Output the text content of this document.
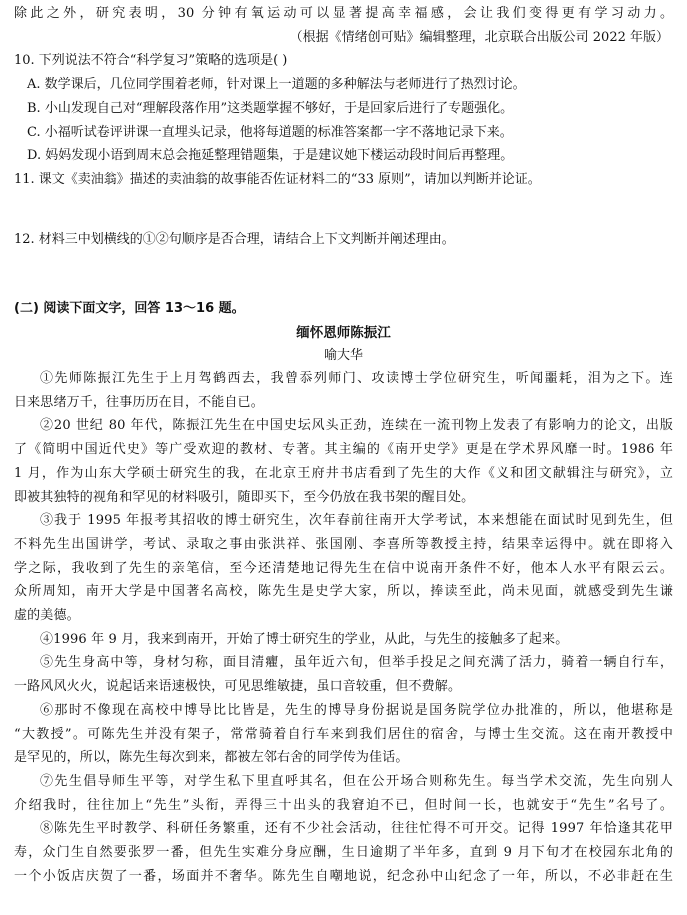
除此之外，研究表明，30 分钟有氧运动可以显著提高幸福感，会让我们变得更有学习动力。
（根据《情绪创可贴》编辑整理，北京联合出版公司 2022 年版）
10. 下列说法不符合“科学复习”策略的选项是( )
A. 数学课后，几位同学围着老师，针对课上一道题的多种解法与老师进行了热烈讨论。
B. 小山发现自己对“理解段落作用”这类题掌握不够好，于是回家后进行了专题强化。
C. 小福听试卷评讲课一直埋头记录，他将每道题的标准答案都一字不落地记录下来。
D. 妈妈发现小语到周末总会拖延整理错题集，于是建议她下楼运动段时间后再整理。
11. 课文《卖油翁》描述的卖油翁的故事能否佐证材料二的“33 原则”，请加以判断并论证。
12. 材料三中划横线的①②句顺序是否合理，请结合上下文判断并阐述理由。
(二) 阅读下面文字，回答 13～16 题。
缅怀恩师陈振江
喻大华
①先师陈振江先生于上月驾鹤西去，我曾忝列师门、攻读博士学位研究生，听闻噩耗，泪为之下。连
日来思绪万千，往事历历在目，不能自已。
②20 世纪 80 年代，陈振江先生在中国史坛风头正劲，连续在一流刊物上发表了有影响力的论文，出版
了《简明中国近代史》等广受欢迎的教材、专著。其主编的《南开史学》更是在学术界风靡一时。1986 年
1 月，作为山东大学硕士研究生的我，在北京王府井书店看到了先生的大作《义和团文献辑注与研究》，立
即被其独特的视角和罕见的材料吸引，随即买下，至今仍放在我书架的醒目处。
③我于 1995 年报考其招收的博士研究生，次年春前往南开大学考试，本来想能在面试时见到先生，但
不料先生出国讲学，考试、录取之事由张洪祥、张国刚、李喜所等教授主持，结果幸运得中。就在即将入
学之际，我收到了先生的亲笔信，至今还清楚地记得先生在信中说南开条件不好，他本人水平有限云云。
众所周知，南开大学是中国著名高校，陈先生是史学大家，所以，捧读至此，尚未见面，就感受到先生谦
虚的美德。
④1996 年 9 月，我来到南开，开始了博士研究生的学业，从此，与先生的接触多了起来。
⑤先生身高中等，身材匀称，面目清癯，虽年近六旬，但举手投足之间充满了活力，骑着一辆自行车，
一路风风火火，说起话来语速极快，可见思维敏捷，虽口音较重，但不费解。
⑥那时不像现在高校中博导比比皆是，先生的博导身份据说是国务院学位办批准的，所以，他堪称是
“大教授”。可陈先生并没有架子，常常骑着自行车来到我们居住的宿舍，与博士生交流。这在南开教授中
是罕见的，所以，陈先生每次到来，都被左邻右舍的同学传为佳话。
⑦先生倡导师生平等，对学生私下里直呼其名，但在公开场合则称先生。每当学术交流，先生向别人
介绍我时，往往加上“先生”头衔，弄得三十出头的我窘迫不已，但时间一长，也就安于“先生”名号了。
⑧陈先生平时教学、科研任务繁重，还有不少社会活动，往往忙得不可开交。记得 1997 年恰逢其花甲
寿，众门生自然要张罗一番，但先生实难分身应酬，生日逾期了半年多，直到 9 月下旬才在校园东北角的
一个小饭店庆贺了一番，场面并不奢华。陈先生自嘲地说，纪念孙中山纪念了一年，所以，不必非赶在生
